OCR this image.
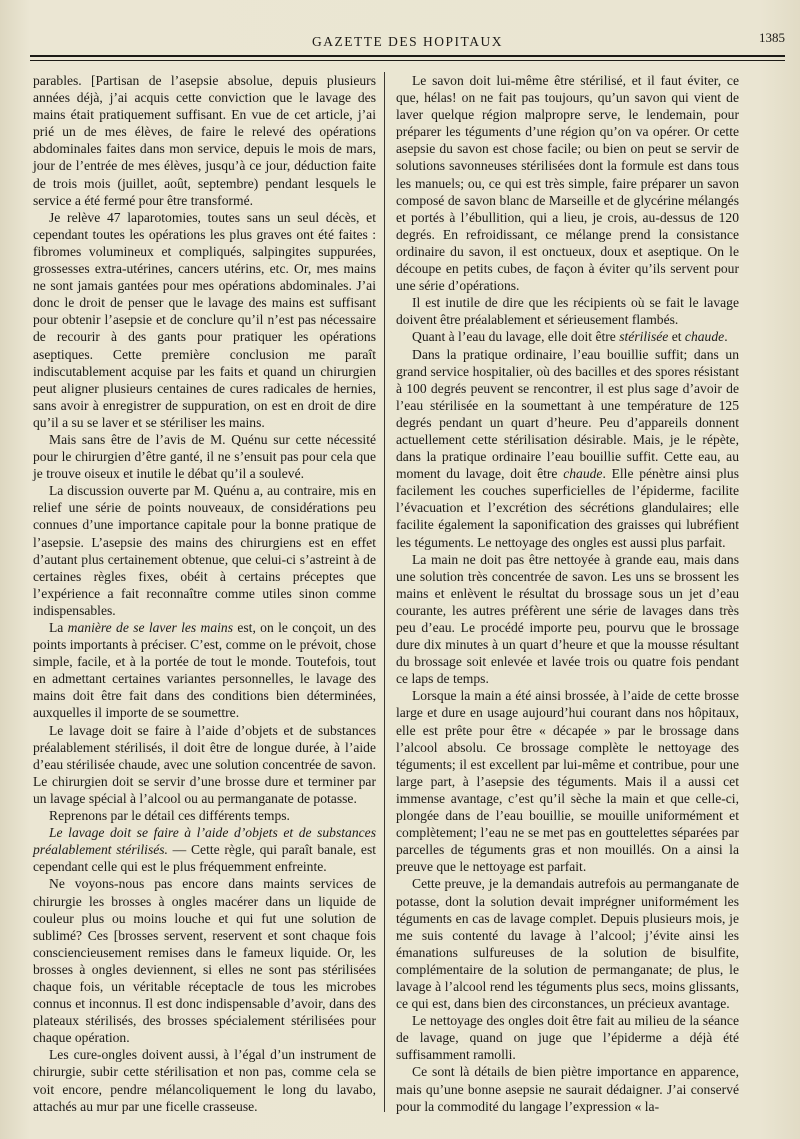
GAZETTE DES HOPITAUX	1385

parables. [Partisan de l’asepsie absolue, depuis plusieurs années déjà, j’ai acquis cette conviction que le lavage des mains était pratiquement suffisant. En vue de cet article, j’ai prié un de mes élèves, de faire le relevé des opérations abdominales faites dans mon service, depuis le mois de mars, jour de l’entrée de mes élèves, jusqu’à ce jour, déduction faite de trois mois (juillet, août, septembre) pendant lesquels le service a été fermé pour être transformé.

Je relève 47 laparotomies, toutes sans un seul décès, et cependant toutes les opérations les plus graves ont été faites : fibromes volumineux et compliqués, salpingites suppurées, grossesses extra-utérines, cancers utérins, etc. Or, mes mains ne sont jamais gantées pour mes opérations abdominales. J’ai donc le droit de penser que le lavage des mains est suffisant pour obtenir l’asepsie et de conclure qu’il n’est pas nécessaire de recourir à des gants pour pratiquer les opérations aseptiques. Cette première conclusion me paraît indiscutablement acquise par les faits et quand un chirurgien peut aligner plusieurs centaines de cures radicales de hernies, sans avoir à enregistrer de suppuration, on est en droit de dire qu’il a su se laver et se stériliser les mains.

Mais sans être de l’avis de M. Quénu sur cette nécessité pour le chirurgien d’être ganté, il ne s’ensuit pas pour cela que je trouve oiseux et inutile le débat qu’il a soulevé.

La discussion ouverte par M. Quénu a, au contraire, mis en relief une série de points nouveaux, de considérations peu connues d’une importance capitale pour la bonne pratique de l’asepsie. L’asepsie des mains des chirurgiens est en effet d’autant plus certainement obtenue, que celui-ci s’astreint à de certaines règles fixes, obéit à certains préceptes que l’expérience a fait reconnaître comme utiles sinon comme indispensables.

La manière de se laver les mains est, on le conçoit, un des points importants à préciser. C’est, comme on le prévoit, chose simple, facile, et à la portée de tout le monde. Toutefois, tout en admettant certaines variantes personnelles, le lavage des mains doit être fait dans des conditions bien déterminées, auxquelles il importe de se soumettre.

Le lavage doit se faire à l’aide d’objets et de substances préalablement stérilisés, il doit être de longue durée, à l’aide d’eau stérilisée chaude, avec une solution concentrée de savon. Le chirurgien doit se servir d’une brosse dure et terminer par un lavage spécial à l’alcool ou au permanganate de potasse.

Reprenons par le détail ces différents temps.

Le lavage doit se faire à l’aide d’objets et de substances préalablement stérilisés. — Cette règle, qui paraît banale, est cependant celle qui est le plus fréquemment enfreinte.

Ne voyons-nous pas encore dans maints services de chirurgie les brosses à ongles macérer dans un liquide de couleur plus ou moins louche et qui fut une solution de sublimé? Ces [brosses servent, reservent et sont chaque fois consciencieusement remises dans le fameux liquide. Or, les brosses à ongles deviennent, si elles ne sont pas stérilisées chaque fois, un véritable réceptacle de tous les microbes connus et inconnus. Il est donc indispensable d’avoir, dans des plateaux stérilisés, des brosses spécialement stérilisées pour chaque opération.

Les cure-ongles doivent aussi, à l’égal d’un instrument de chirurgie, subir cette stérilisation et non pas, comme cela se voit encore, pendre mélancoliquement le long du lavabo, attachés au mur par une ficelle crasseuse.

Le savon doit lui-même être stérilisé, et il faut éviter, ce que, hélas! on ne fait pas toujours, qu’un savon qui vient de laver quelque région malpropre serve, le lendemain, pour préparer les téguments d’une région qu’on va opérer. Or cette asepsie du savon est chose facile; ou bien on peut se servir de solutions savonneuses stérilisées dont la formule est dans tous les manuels; ou, ce qui est très simple, faire préparer un savon composé de savon blanc de Marseille et de glycérine mélangés et portés à l’ébullition, qui a lieu, je crois, au-dessus de 120 degrés. En refroidissant, ce mélange prend la consistance ordinaire du savon, il est onctueux, doux et aseptique. On le découpe en petits cubes, de façon à éviter qu’ils servent pour une série d’opérations.

Il est inutile de dire que les récipients où se fait le lavage doivent être préalablement et sérieusement flambés.

Quant à l’eau du lavage, elle doit être stérilisée et chaude.

Dans la pratique ordinaire, l’eau bouillie suffit; dans un grand service hospitalier, où des bacilles et des spores résistant à 100 degrés peuvent se rencontrer, il est plus sage d’avoir de l’eau stérilisée en la soumettant à une température de 125 degrés pendant un quart d’heure. Peu d’appareils donnent actuellement cette stérilisation désirable. Mais, je le répète, dans la pratique ordinaire l’eau bouillie suffit. Cette eau, au moment du lavage, doit être chaude. Elle pénètre ainsi plus facilement les couches superficielles de l’épiderme, facilite l’évacuation et l’excrétion des sécrétions glandulaires; elle facilite également la saponification des graisses qui lubréfient les téguments. Le nettoyage des ongles est aussi plus parfait.

La main ne doit pas être nettoyée à grande eau, mais dans une solution très concentrée de savon. Les uns se brossent les mains et enlèvent le résultat du brossage sous un jet d’eau courante, les autres préfèrent une série de lavages dans très peu d’eau. Le procédé importe peu, pourvu que le brossage dure dix minutes à un quart d’heure et que la mousse résultant du brossage soit enlevée et lavée trois ou quatre fois pendant ce laps de temps.

Lorsque la main a été ainsi brossée, à l’aide de cette brosse large et dure en usage aujourd’hui courant dans nos hôpitaux, elle est prête pour être « décapée » par le brossage dans l’alcool absolu. Ce brossage complète le nettoyage des téguments; il est excellent par lui-même et contribue, pour une large part, à l’asepsie des téguments. Mais il a aussi cet immense avantage, c’est qu’il sèche la main et que celle-ci, plongée dans de l’eau bouillie, se mouille uniformément et complètement; l’eau ne se met pas en gouttelettes séparées par parcelles de téguments gras et non mouillés. On a ainsi la preuve que le nettoyage est parfait.

Cette preuve, je la demandais autrefois au permanganate de potasse, dont la solution devait imprégner uniformément les téguments en cas de lavage complet. Depuis plusieurs mois, je me suis contenté du lavage à l’alcool; j’évite ainsi les émanations sulfureuses de la solution de bisulfite, complémentaire de la solution de permanganate; de plus, le lavage à l’alcool rend les téguments plus secs, moins glissants, ce qui est, dans bien des circonstances, un précieux avantage.

Le nettoyage des ongles doit être fait au milieu de la séance de lavage, quand on juge que l’épiderme a déjà été suffisamment ramolli.

Ce sont là détails de bien piètre importance en apparence, mais qu’une bonne asepsie ne saurait dédaigner. J’ai conservé pour la commodité du langage l’expression « la-
